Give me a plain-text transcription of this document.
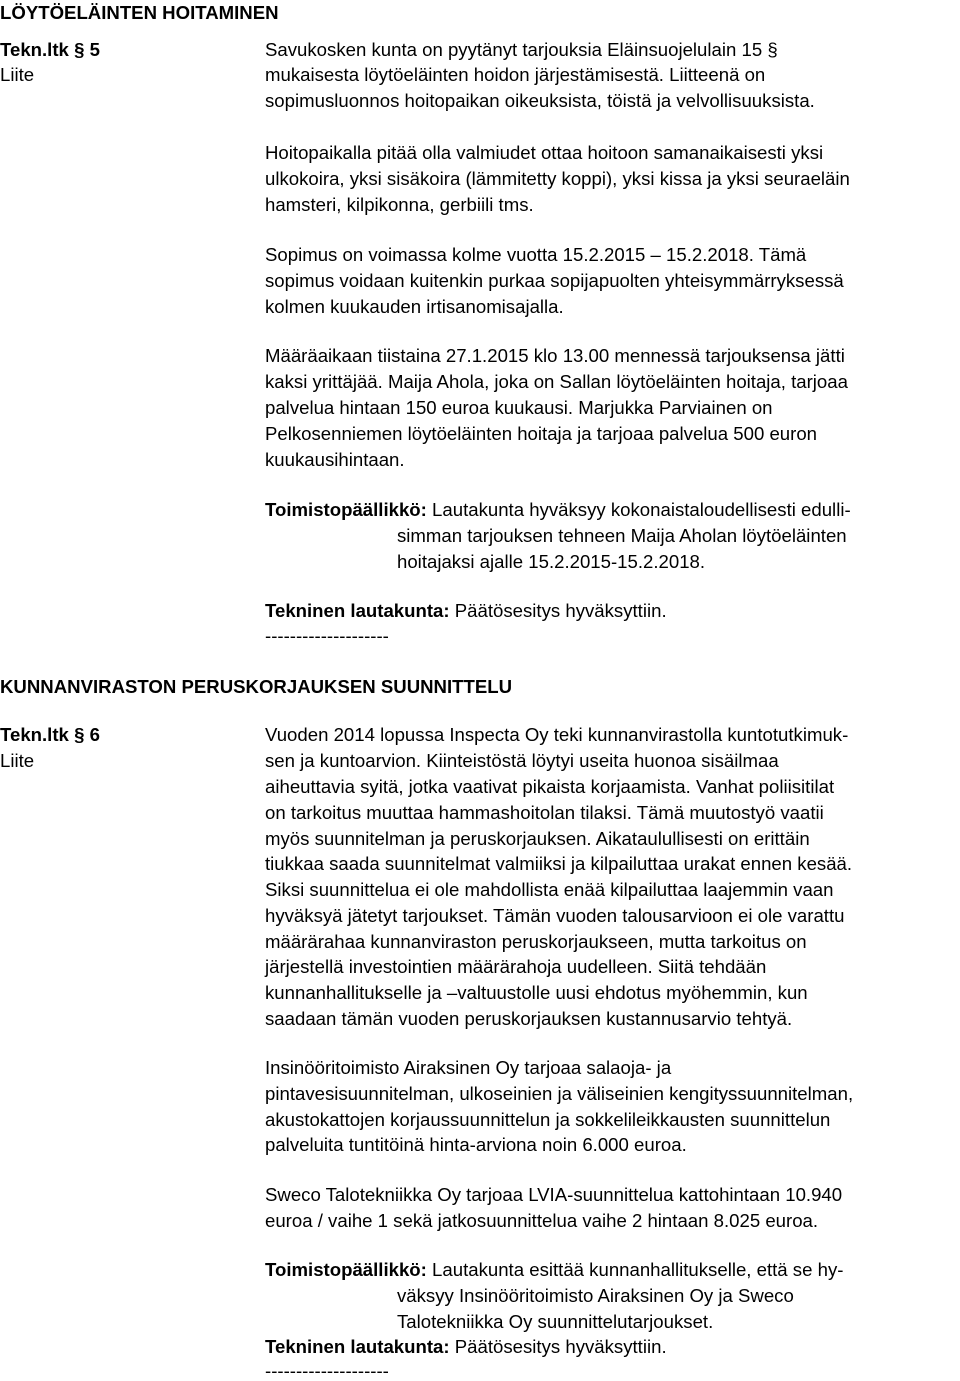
LÖYTÖELÄINTEN HOITAMINEN
Tekn.ltk § 5
Liite
Savukosken kunta on pyytänyt tarjouksia Eläinsuojelulain 15 §
mukaisesta löytöeläinten hoidon järjestämisestä. Liitteenä on
sopimusluonnos hoitopaikan oikeuksista, töistä ja velvollisuuksista.
Hoitopaikalla pitää olla valmiudet ottaa hoitoon samanaikaisesti yksi
ulkokoira, yksi sisäkoira (lämmitetty koppi), yksi kissa ja yksi seuraeläin
hamsteri, kilpikonna, gerbiili tms.
Sopimus on voimassa kolme vuotta 15.2.2015 – 15.2.2018. Tämä
sopimus voidaan kuitenkin purkaa sopijapuolten yhteisymmärryksessä
kolmen kuukauden irtisanomisajalla.
Määräaikaan tiistaina 27.1.2015 klo 13.00 mennessä tarjouksensa jätti
kaksi yrittäjää. Maija Ahola, joka on Sallan löytöeläinten hoitaja, tarjoaa
palvelua hintaan 150 euroa kuukausi. Marjukka Parviainen on
Pelkosenniemen löytöeläinten hoitaja ja tarjoaa palvelua 500 euron
kuukausihintaan.
Toimistopäällikkö: Lautakunta hyväksyy kokonaistaloudellisesti edulli-
simman tarjouksen tehneen Maija Aholan löytöeläinten
hoitajaksi ajalle 15.2.2015-15.2.2018.
Tekninen lautakunta: Päätösesitys hyväksyttiin.
--------------------
KUNNANVIRASTON PERUSKORJAUKSEN SUUNNITTELU
Tekn.ltk § 6
Liite
Vuoden 2014 lopussa Inspecta Oy teki kunnanvirastolla kuntotutkimuk-
sen ja kuntoarvion. Kiinteistöstä löytyi useita huonoa sisäilmaa
aiheuttavia syitä, jotka vaativat pikaista korjaamista. Vanhat poliisitilat
on tarkoitus muuttaa hammashoitolan tilaksi. Tämä muutostyö vaatii
myös suunnitelman ja peruskorjauksen. Aikataulullisesti on erittäin
tiukkaa saada suunnitelmat valmiiksi ja kilpailuttaa urakat ennen kesää.
Siksi suunnittelua ei ole mahdollista enää kilpailuttaa laajemmin vaan
hyväksyä jätetyt tarjoukset. Tämän vuoden talousarvioon ei ole varattu
määrärahaa kunnanviraston peruskorjaukseen, mutta tarkoitus on
järjestellä investointien määrärahoja uudelleen. Siitä tehdään
kunnanhallitukselle ja –valtuustolle uusi ehdotus myöhemmin, kun
saadaan tämän vuoden peruskorjauksen kustannusarvio tehtyä.
Insinööritoimisto Airaksinen Oy tarjoaa salaoja- ja
pintavesisuunnitelman, ulkoseinien ja väliseinien kengityssuunnitelman,
akustokattojen korjaussuunnittelun ja sokkelileikkausten suunnittelun
palveluita tuntitöinä hinta-arviona noin 6.000 euroa.
Sweco Talotekniikka Oy tarjoaa LVIA-suunnittelua kattohintaan 10.940
euroa / vaihe 1 sekä jatkosuunnittelua vaihe 2 hintaan 8.025 euroa.
Toimistopäällikkö: Lautakunta esittää kunnanhallitukselle, että se hy-
väksyy Insinööritoimisto Airaksinen Oy ja Sweco
Talotekniikka Oy suunnittelutarjoukset.
Tekninen lautakunta: Päätösesitys hyväksyttiin.
--------------------
